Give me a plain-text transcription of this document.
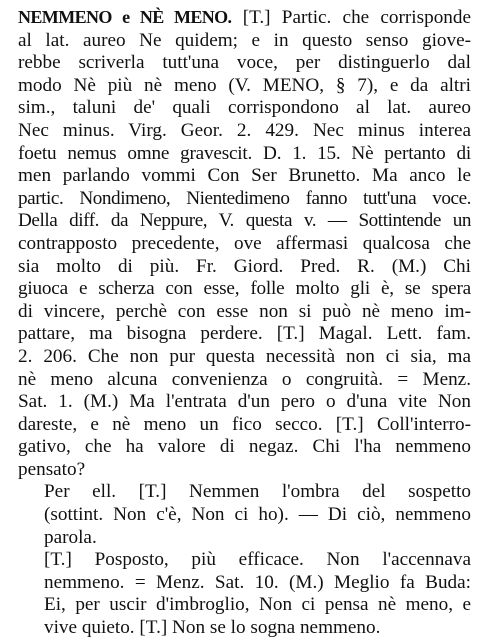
NEMMENO e NÈ MENO. [T.] Partic. che corrisponde
al lat. aureo Ne quidem; e in questo senso giove-
rebbe scriverla tutt'una voce, per distinguerlo dal
modo Nè più nè meno (V. MENO, § 7), e da altri
sim., taluni de' quali corrispondono al lat. aureo
Nec minus. Virg. Geor. 2. 429. Nec minus interea
foetu nemus omne gravescit. D. 1. 15. Nè pertanto di
men parlando vommi Con Ser Brunetto. Ma anco le
partic. Nondimeno, Nientedimeno fanno tutt'una voce.
Della diff. da Neppure, V. questa v. — Sottintende un
contrapposto precedente, ove affermasi qualcosa che
sia molto di più. Fr. Giord. Pred. R. (M.) Chi
giuoca e scherza con esse, folle molto gli è, se spera
di vincere, perchè con esse non si può nè meno im-
pattare, ma bisogna perdere. [T.] Magal. Lett. fam.
2. 206. Che non pur questa necessità non ci sia, ma
nè meno alcuna convenienza o congruità. = Menz.
Sat. 1. (M.) Ma l'entrata d'un pero o d'una vite Non
dareste, e nè meno un fico secco. [T.] Coll'interro-
gativo, che ha valore di negaz. Chi l'ha nemmeno
pensato?
Per ell. [T.] Nemmen l'ombra del sospetto
(sottint. Non c'è, Non ci ho). — Di ciò, nemmeno
parola.
[T.] Posposto, più efficace. Non l'accennava
nemmeno. = Menz. Sat. 10. (M.) Meglio fa Buda:
Ei, per uscir d'imbroglio, Non ci pensa nè meno, e
vive quieto. [T.] Non se lo sogna nemmeno.
